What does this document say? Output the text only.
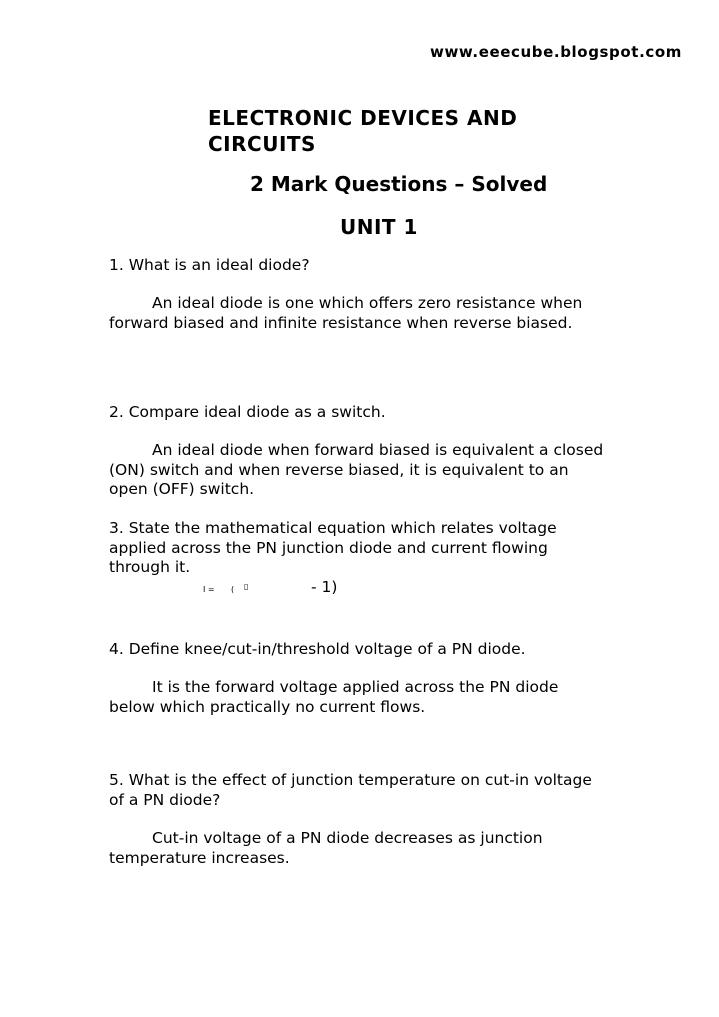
www.eeecube.blogspot.com

ELECTRONIC DEVICES AND CIRCUITS

2 Mark Questions – Solved

UNIT 1

1. What is an ideal diode?

An ideal diode is one which offers zero resistance when forward biased and infinite resistance when reverse biased.

2. Compare ideal diode as a switch.

An ideal diode when forward biased is equivalent a closed (ON) switch and when reverse biased, it is equivalent to an open (OFF) switch.

3. State the mathematical equation which relates voltage applied across the PN junction diode and current flowing through it.

I = ( ▯	- 1)

4. Define knee/cut-in/threshold voltage of a PN diode.

It is the forward voltage applied across the PN diode below which practically no current flows.

5. What is the effect of junction temperature on cut-in voltage of a PN diode?

Cut-in voltage of a PN diode decreases as junction temperature increases.
